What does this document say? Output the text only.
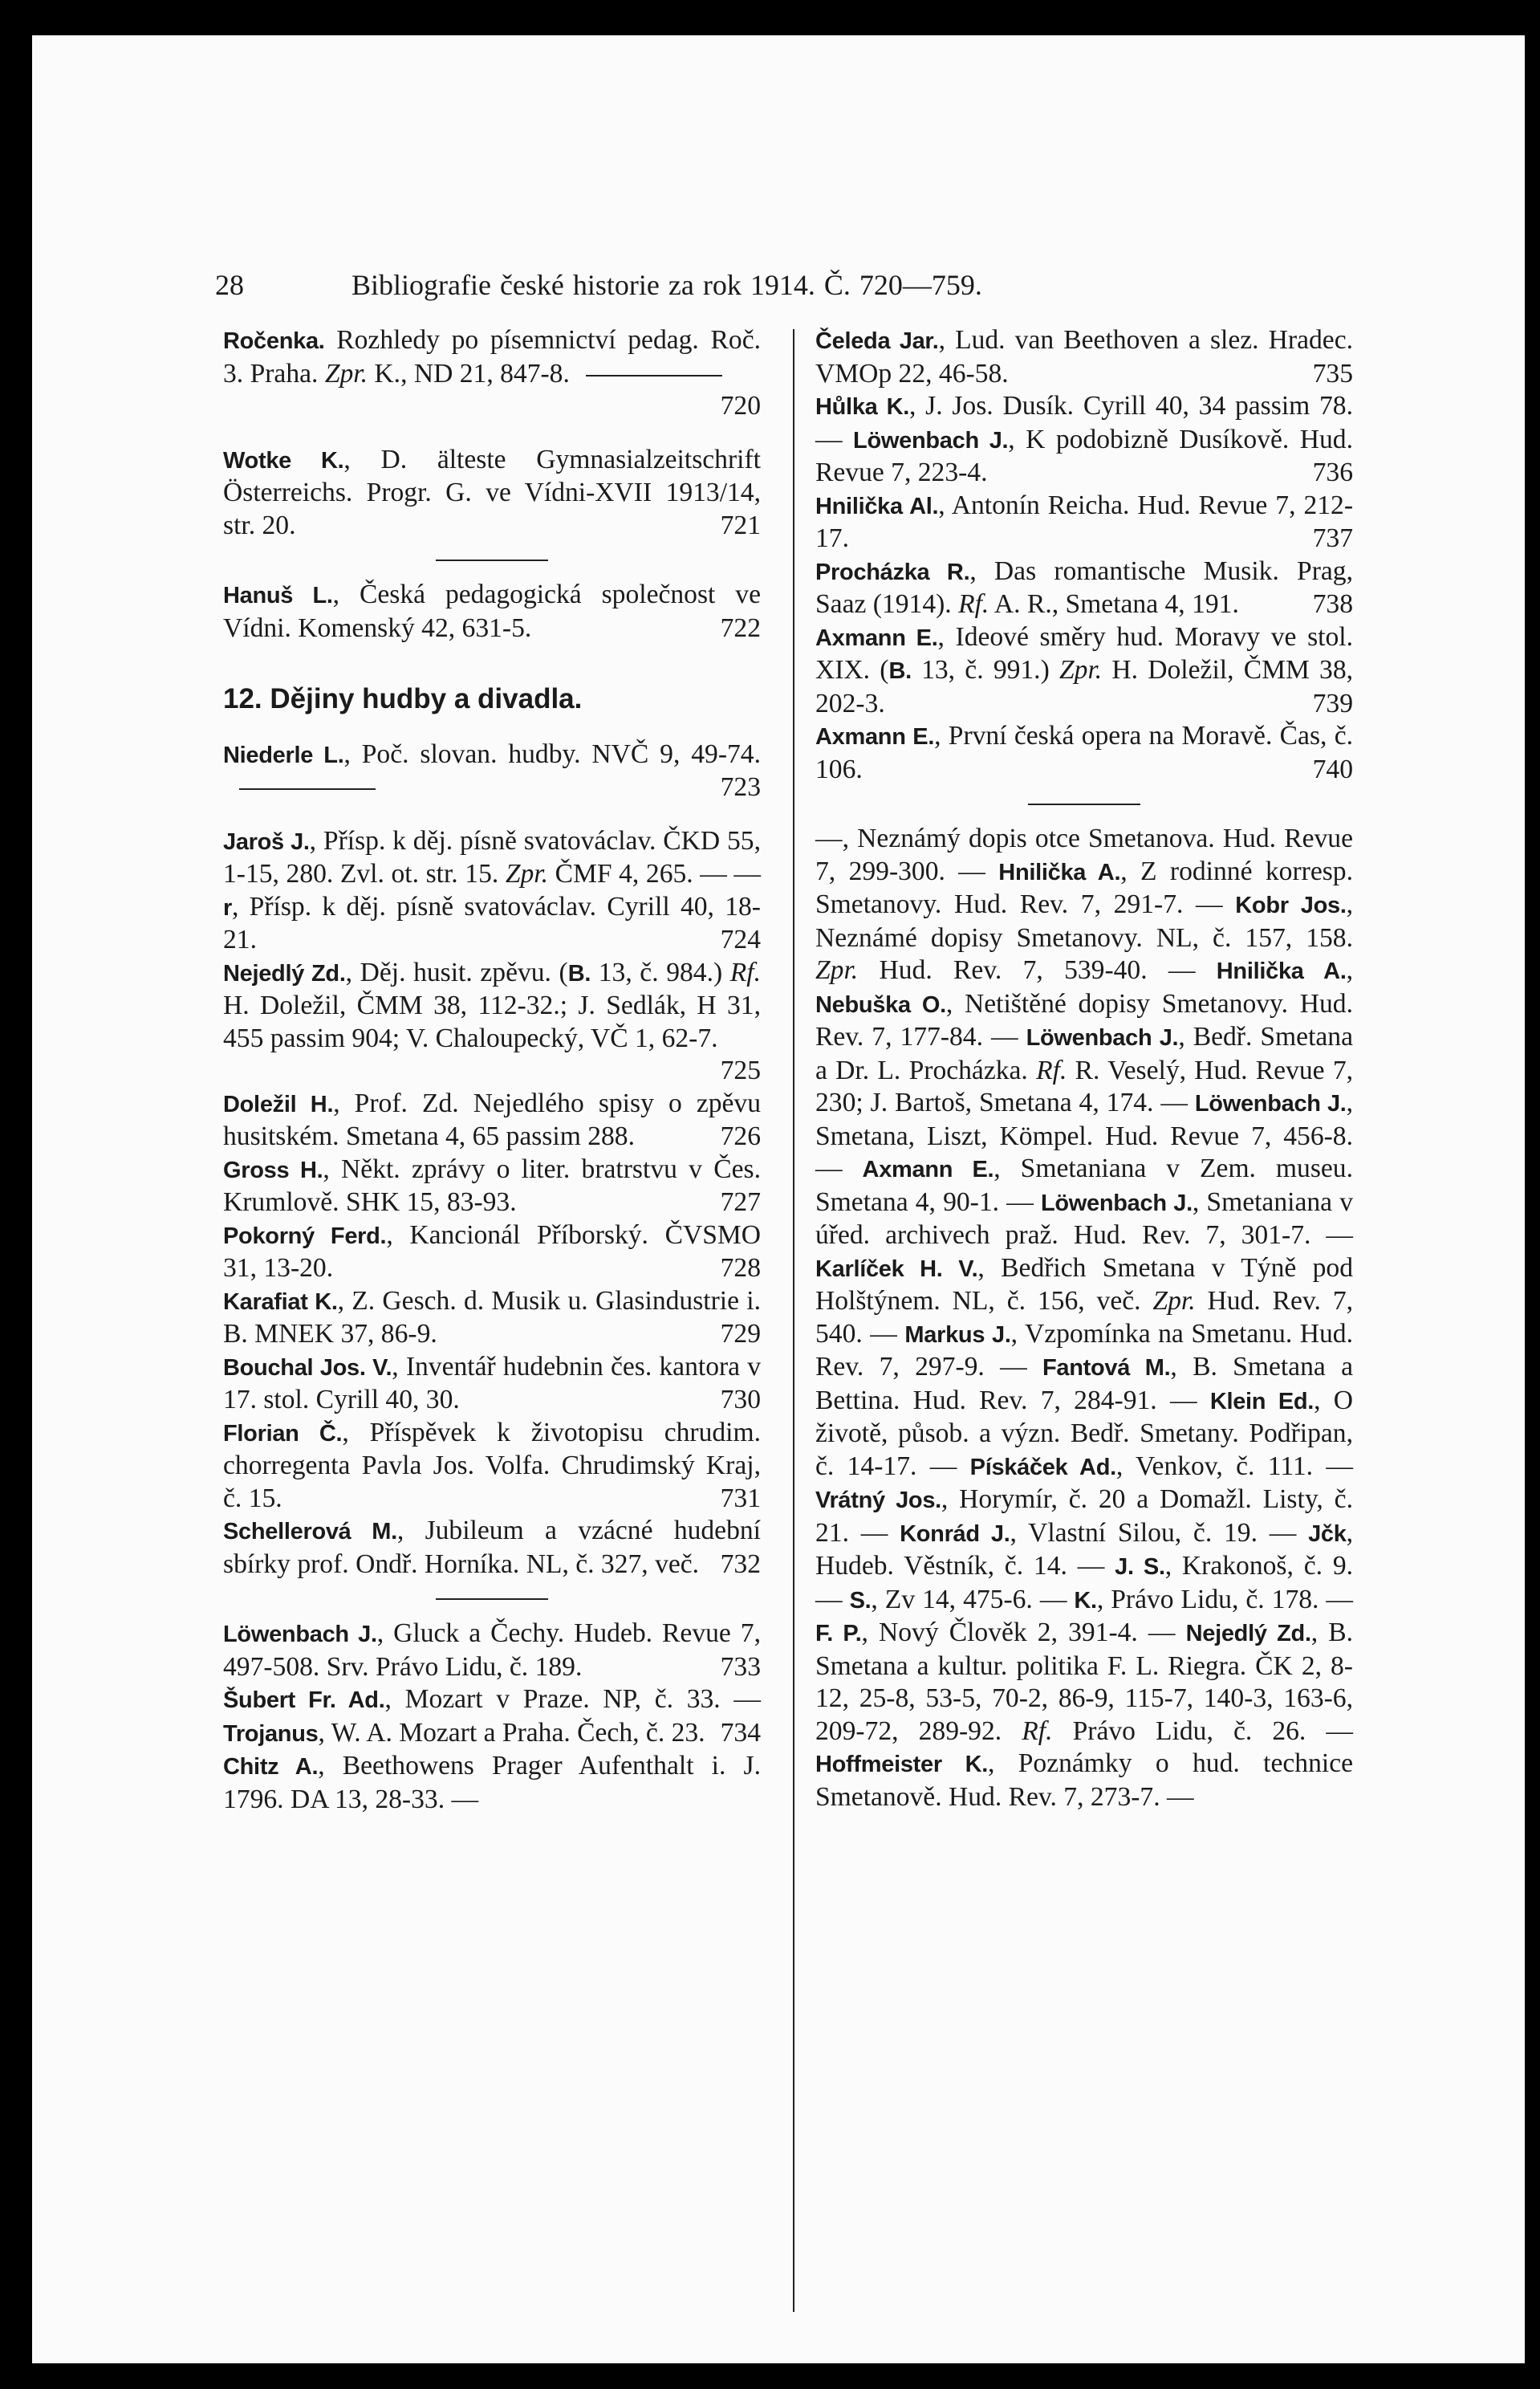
28	Bibliografie české historie za rok 1914. Č. 720—759.

Ročenka. Rozhledy po písemnictví pedag. Roč. 3. Praha. Zpr. K., ND 21, 847-8.
720

Wotke K., D. älteste Gymnasialzeitschrift Österreichs. Progr. G. ve Vídni-XVII 1913/14, str. 20.	721

Hanuš L., Česká pedagogická společnost ve Vídni. Komenský 42, 631-5.	722

12. Dějiny hudby a divadla.

Niederle L., Poč. slovan. hudby. NVČ 9, 49-74.
723

Jaroš J., Přísp. k děj. písně svatováclav. ČKD 55, 1-15, 280. Zvl. ot. str. 15. Zpr. ČMF 4, 265. — —r, Přísp. k děj. písně svatováclav. Cyrill 40, 18-21.	724

Nejedlý Zd., Děj. husit. zpěvu. (B. 13, č. 984.) Rf. H. Doležil, ČMM 38, 112-32.; J. Sedlák, H 31, 455 passim 904; V. Chaloupecký, VČ 1, 62-7.
725

Doležil H., Prof. Zd. Nejedlého spisy o zpěvu husitském. Smetana 4, 65 passim 288.	726

Gross H., Někt. zprávy o liter. bratrstvu v Čes. Krumlově. SHK 15, 83-93.	727

Pokorný Ferd., Kancionál Příborský. ČVSMO 31, 13-20.	728

Karafiat K., Z. Gesch. d. Musik u. Glasindustrie i. B. MNEK 37, 86-9.	729

Bouchal Jos. V., Inventář hudebnin čes. kantora v 17. stol. Cyrill 40, 30.	730

Florian Č., Příspěvek k životopisu chrudim. chorregenta Pavla Jos. Volfa. Chrudimský Kraj, č. 15.	731

Schellerová M., Jubileum a vzácné hudební sbírky prof. Ondř. Horníka. NL, č. 327, več. 732

Löwenbach J., Gluck a Čechy. Hudeb. Revue 7, 497-508. Srv. Právo Lidu, č. 189.	733

Šubert Fr. Ad., Mozart v Praze. NP, č. 33. — Trojanus, W. A. Mozart a Praha. Čech, č. 23. 734

Chitz A., Beethowens Prager Aufenthalt i. J. 1796. DA 13, 28-33. —

Čeleda Jar., Lud. van Beethoven a slez. Hradec. VMOp 22, 46-58.	735

Hůlka K., J. Jos. Dusík. Cyrill 40, 34 passim 78. — Löwenbach J., K podobizně Dusíkově. Hud. Revue 7, 223-4.	736

Hnilička Al., Antonín Reicha. Hud. Revue 7, 212-17.	737

Procházka R., Das romantische Musik. Prag, Saaz (1914). Rf. A. R., Smetana 4, 191.	738

Axmann E., Ideové směry hud. Moravy ve stol. XIX. (B. 13, č. 991.) Zpr. H. Doležil, ČMM 38, 202-3.	739

Axmann E., První česká opera na Moravě. Čas, č. 106.	740

—, Neznámý dopis otce Smetanova. Hud. Revue 7, 299-300. — Hnilička A., Z rodinné korresp. Smetanovy. Hud. Rev. 7, 291-7. — Kobr Jos., Neznámé dopisy Smetanovy. NL, č. 157, 158. Zpr. Hud. Rev. 7, 539-40. — Hnilička A., Nebuška O., Netištěné dopisy Smetanovy. Hud. Rev. 7, 177-84. — Löwenbach J., Bedř. Smetana a Dr. L. Procházka. Rf. R. Veselý, Hud. Revue 7, 230; J. Bartoš, Smetana 4, 174. — Löwenbach J., Smetana, Liszt, Kömpel. Hud. Revue 7, 456-8. — Axmann E., Smetaniana v Zem. museu. Smetana 4, 90-1. — Löwenbach J., Smetaniana v úřed. archivech praž. Hud. Rev. 7, 301-7. — Karlíček H. V., Bedřich Smetana v Týně pod Holštýnem. NL, č. 156, več. Zpr. Hud. Rev. 7, 540. — Markus J., Vzpomínka na Smetanu. Hud. Rev. 7, 297-9. — Fantová M., B. Smetana a Bettina. Hud. Rev. 7, 284-91. — Klein Ed., O životě, působ. a význ. Bedř. Smetany. Podřipan, č. 14-17. — Pískáček Ad., Venkov, č. 111. — Vrátný Jos., Horymír, č. 20 a Domažl. Listy, č. 21. — Konrád J., Vlastní Silou, č. 19. — Jčk, Hudeb. Věstník, č. 14. — J. S., Krakonoš, č. 9. — S., Zv 14, 475-6. — K., Právo Lidu, č. 178. — F. P., Nový Člověk 2, 391-4. — Nejedlý Zd., B. Smetana a kultur. politika F. L. Riegra. ČK 2, 8-12, 25-8, 53-5, 70-2, 86-9, 115-7, 140-3, 163-6, 209-72, 289-92. Rf. Právo Lidu, č. 26. — Hoffmeister K., Poznámky o hud. technice Smetanově. Hud. Rev. 7, 273-7. —
